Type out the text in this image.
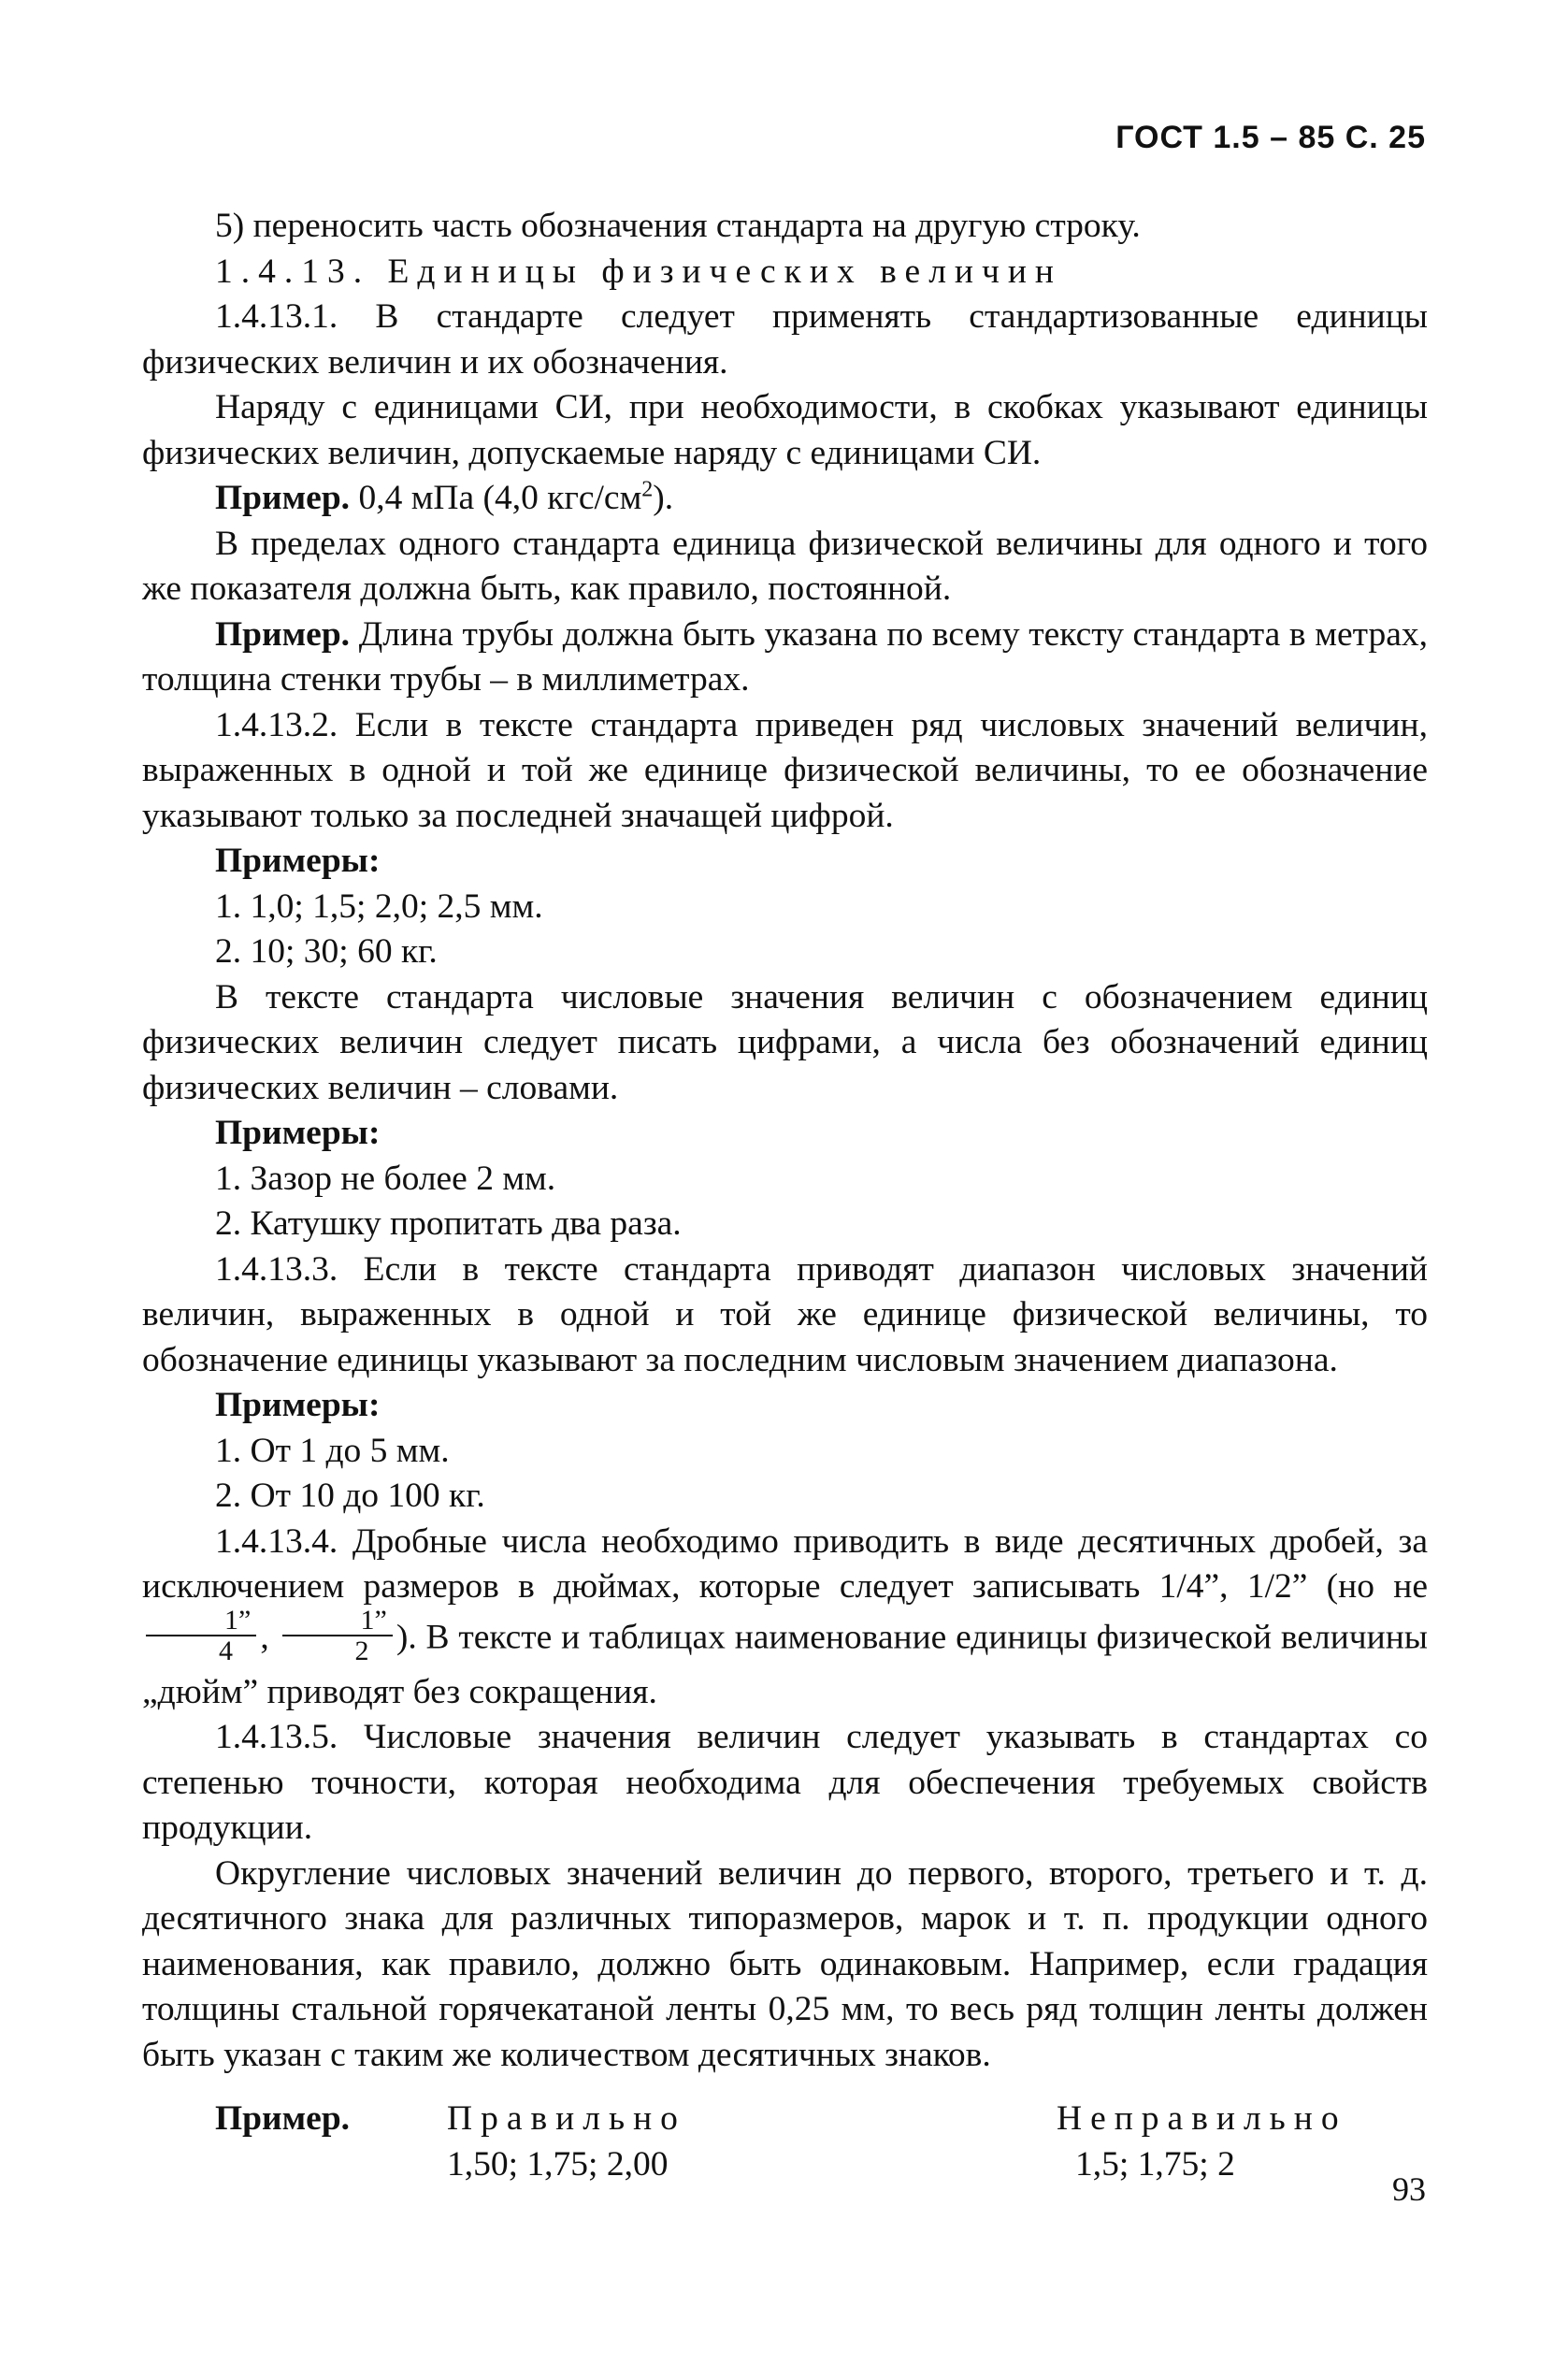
ГОСТ 1.5 – 85 С. 25

5) переносить часть обозначения стандарта на другую строку.

1.4.13. Единицы физических величин

1.4.13.1. В стандарте следует применять стандартизованные единицы физических величин и их обозначения.

Наряду с единицами СИ, при необходимости, в скобках указывают единицы физических величин, допускаемые наряду с единицами СИ.

Пример. 0,4 мПа (4,0 кгс/$см^2$).

В пределах одного стандарта единица физической величины для одного и того же показателя должна быть, как правило, постоянной.

Пример. Длина трубы должна быть указана по всему тексту стандарта в метрах, толщина стенки трубы – в миллиметрах.

1.4.13.2. Если в тексте стандарта приведен ряд числовых значений величин, выраженных в одной и той же единице физической величины, то ее обозначение указывают только за последней значащей цифрой.

Примеры:

1. 1,0; 1,5; 2,0; 2,5 мм.

2. 10; 30; 60 кг.

В тексте стандарта числовые значения величин с обозначением единиц физических величин следует писать цифрами, а числа без обозначений единиц физических величин – словами.

Примеры:

1. Зазор не более 2 мм.

2. Катушку пропитать два раза.

1.4.13.3. Если в тексте стандарта приводят диапазон числовых значений величин, выраженных в одной и той же единице физической величины, то обозначение единицы указывают за последним числовым значением диапазона.

Примеры:

1. От 1 до 5 мм.

2. От 10 до 100 кг.

1.4.13.4. Дробные числа необходимо приводить в виде десятичных дробей, за исключением размеров в дюймах, которые следует записывать 1/4”, 1/2” (но не
$\frac{1”}{4}$ , $\frac{1”}{2}$ ). В тексте и таблицах наименование единицы физической величины „дюйм” приводят без сокращения.

1.4.13.5. Числовые значения величин следует указывать в стандартах со степенью точности, которая необходима для обеспечения требуемых свойств продукции.

Округление числовых значений величин до первого, второго, третьего и т. д. десятичного знака для различных типоразмеров, марок и т. п. продукции одного наименования, как правило, должно быть одинаковым. Например, если градация толщины стальной горячекатаной ленты 0,25 мм, то весь ряд толщин ленты должен быть указан с таким же количеством десятичных знаков.

Пример.	Правильно
1,50; 1,75; 2,00
Неправильно
1,5; 1,75; 2
93
